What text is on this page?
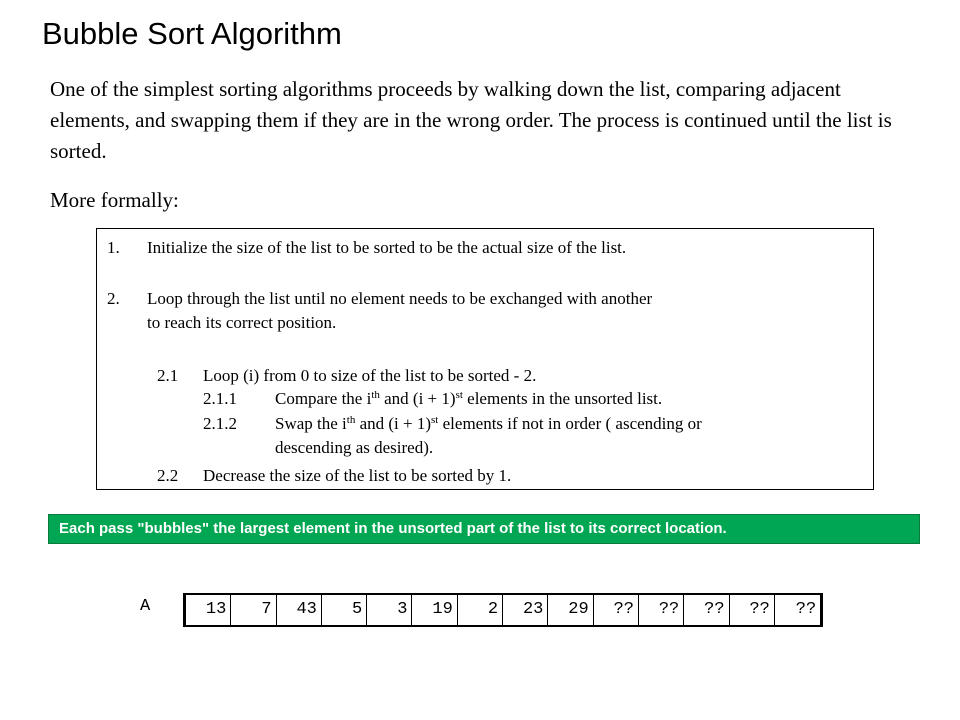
Bubble Sort Algorithm

One of the simplest sorting algorithms proceeds by walking down the list, comparing adjacent elements, and swapping them if they are in the wrong order. The process is continued until the list is sorted.

More formally:
1. Initialize the size of the list to be sorted to be the actual size of the list.
2. Loop through the list until no element needs to be exchanged with another
to reach its correct position.
2.1 Loop (i) from 0 to size of the list to be sorted - 2.
2.1.1 Compare the $i^{th}$ and $(i + 1)^{st}$ elements in the unsorted list.
2.1.2 Swap the $i^{th}$ and $(i + 1)^{st}$ elements if not in order ( ascending or
descending as desired).
2.2 Decrease the size of the list to be sorted by 1.
Each pass "bubbles" the largest element in the unsorted part of the list to its correct location.
A	13	7	43	5	3	19	2	23	29	??	??	??	??	??
